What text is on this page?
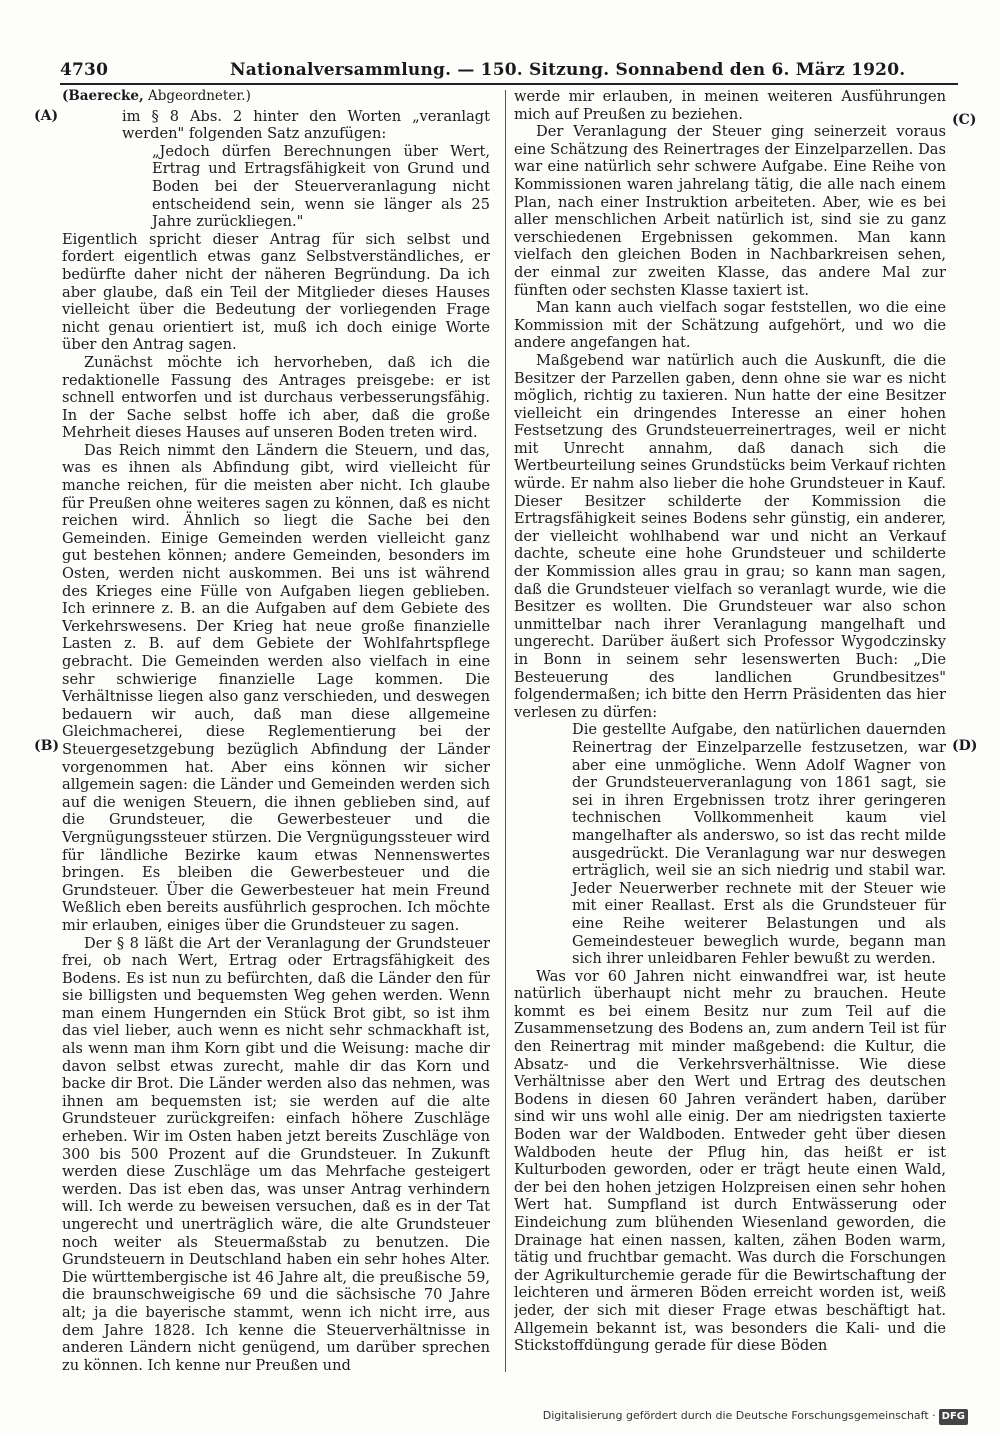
4730	Nationalversammlung. — 150. Sitzung. Sonnabend den 6. März 1920.
(A)
(B)
(C)
(D)

(Baerecke, Abgeordneter.)

im § 8 Abs. 2 hinter den Worten „veranlagt werden" folgenden Satz anzufügen:

„Jedoch dürfen Berechnungen über Wert, Ertrag und Ertragsfähigkeit von Grund und Boden bei der Steuerveranlagung nicht entscheidend sein, wenn sie länger als 25 Jahre zurückliegen."

Eigentlich spricht dieser Antrag für sich selbst und fordert eigentlich etwas ganz Selbstverständliches, er bedürfte daher nicht der näheren Begründung. Da ich aber glaube, daß ein Teil der Mitglieder dieses Hauses vielleicht über die Bedeutung der vorliegenden Frage nicht genau orientiert ist, muß ich doch einige Worte über den Antrag sagen.

Zunächst möchte ich hervorheben, daß ich die redaktionelle Fassung des Antrages preisgebe: er ist schnell entworfen und ist durchaus verbesserungsfähig. In der Sache selbst hoffe ich aber, daß die große Mehrheit dieses Hauses auf unseren Boden treten wird.

Das Reich nimmt den Ländern die Steuern, und das, was es ihnen als Abfindung gibt, wird vielleicht für manche reichen, für die meisten aber nicht. Ich glaube für Preußen ohne weiteres sagen zu können, daß es nicht reichen wird. Ähnlich so liegt die Sache bei den Gemeinden. Einige Gemeinden werden vielleicht ganz gut bestehen können; andere Gemeinden, besonders im Osten, werden nicht auskommen. Bei uns ist während des Krieges eine Fülle von Aufgaben liegen geblieben. Ich erinnere z. B. an die Aufgaben auf dem Gebiete des Verkehrswesens. Der Krieg hat neue große finanzielle Lasten z. B. auf dem Gebiete der Wohlfahrtspflege gebracht. Die Gemeinden werden also vielfach in eine sehr schwierige finanzielle Lage kommen. Die Verhältnisse liegen also ganz verschieden, und deswegen bedauern wir auch, daß man diese allgemeine Gleichmacherei, diese Reglementierung bei der Steuergesetzgebung bezüglich Abfindung der Länder vorgenommen hat. Aber eins können wir sicher allgemein sagen: die Länder und Gemeinden werden sich auf die wenigen Steuern, die ihnen geblieben sind, auf die Grundsteuer, die Gewerbesteuer und die Vergnügungssteuer stürzen. Die Vergnügungssteuer wird für ländliche Bezirke kaum etwas Nennenswertes bringen. Es bleiben die Gewerbesteuer und die Grundsteuer. Über die Gewerbesteuer hat mein Freund Weßlich eben bereits ausführlich gesprochen. Ich möchte mir erlauben, einiges über die Grundsteuer zu sagen.

Der § 8 läßt die Art der Veranlagung der Grundsteuer frei, ob nach Wert, Ertrag oder Ertragsfähigkeit des Bodens. Es ist nun zu befürchten, daß die Länder den für sie billigsten und bequemsten Weg gehen werden. Wenn man einem Hungernden ein Stück Brot gibt, so ist ihm das viel lieber, auch wenn es nicht sehr schmackhaft ist, als wenn man ihm Korn gibt und die Weisung: mache dir davon selbst etwas zurecht, mahle dir das Korn und backe dir Brot. Die Länder werden also das nehmen, was ihnen am bequemsten ist; sie werden auf die alte Grundsteuer zurückgreifen: einfach höhere Zuschläge erheben. Wir im Osten haben jetzt bereits Zuschläge von 300 bis 500 Prozent auf die Grundsteuer. In Zukunft werden diese Zuschläge um das Mehrfache gesteigert werden. Das ist eben das, was unser Antrag verhindern will. Ich werde zu beweisen versuchen, daß es in der Tat ungerecht und unerträglich wäre, die alte Grundsteuer noch weiter als Steuermaßstab zu benutzen. Die Grundsteuern in Deutschland haben ein sehr hohes Alter. Die württembergische ist 46 Jahre alt, die preußische 59, die braunschweigische 69 und die sächsische 70 Jahre alt; ja die bayerische stammt, wenn ich nicht irre, aus dem Jahre 1828. Ich kenne die Steuerverhältnisse in anderen Ländern nicht genügend, um darüber sprechen zu können. Ich kenne nur Preußen und

werde mir erlauben, in meinen weiteren Ausführungen mich auf Preußen zu beziehen.

Der Veranlagung der Steuer ging seinerzeit voraus eine Schätzung des Reinertrages der Einzelparzellen. Das war eine natürlich sehr schwere Aufgabe. Eine Reihe von Kommissionen waren jahrelang tätig, die alle nach einem Plan, nach einer Instruktion arbeiteten. Aber, wie es bei aller menschlichen Arbeit natürlich ist, sind sie zu ganz verschiedenen Ergebnissen gekommen. Man kann vielfach den gleichen Boden in Nachbarkreisen sehen, der einmal zur zweiten Klasse, das andere Mal zur fünften oder sechsten Klasse taxiert ist.

Man kann auch vielfach sogar feststellen, wo die eine Kommission mit der Schätzung aufgehört, und wo die andere angefangen hat.

Maßgebend war natürlich auch die Auskunft, die die Besitzer der Parzellen gaben, denn ohne sie war es nicht möglich, richtig zu taxieren. Nun hatte der eine Besitzer vielleicht ein dringendes Interesse an einer hohen Festsetzung des Grundsteuerreinertrages, weil er nicht mit Unrecht annahm, daß danach sich die Wertbeurteilung seines Grundstücks beim Verkauf richten würde. Er nahm also lieber die hohe Grundsteuer in Kauf. Dieser Besitzer schilderte der Kommission die Ertragsfähigkeit seines Bodens sehr günstig, ein anderer, der vielleicht wohlhabend war und nicht an Verkauf dachte, scheute eine hohe Grundsteuer und schilderte der Kommission alles grau in grau; so kann man sagen, daß die Grundsteuer vielfach so veranlagt wurde, wie die Besitzer es wollten. Die Grundsteuer war also schon unmittelbar nach ihrer Veranlagung mangelhaft und ungerecht. Darüber äußert sich Professor Wygodczinsky in Bonn in seinem sehr lesenswerten Buch: „Die Besteuerung des landlichen Grundbesitzes" folgendermaßen; ich bitte den Herrn Präsidenten das hier verlesen zu dürfen:

Die gestellte Aufgabe, den natürlichen dauernden Reinertrag der Einzelparzelle festzusetzen, war aber eine unmögliche. Wenn Adolf Wagner von der Grundsteuerveranlagung von 1861 sagt, sie sei in ihren Ergebnissen trotz ihrer geringeren technischen Vollkommenheit kaum viel mangelhafter als anderswo, so ist das recht milde ausgedrückt. Die Veranlagung war nur deswegen erträglich, weil sie an sich niedrig und stabil war. Jeder Neuerwerber rechnete mit der Steuer wie mit einer Reallast. Erst als die Grundsteuer für eine Reihe weiterer Belastungen und als Gemeindesteuer beweglich wurde, begann man sich ihrer unleidbaren Fehler bewußt zu werden.

Was vor 60 Jahren nicht einwandfrei war, ist heute natürlich überhaupt nicht mehr zu brauchen. Heute kommt es bei einem Besitz nur zum Teil auf die Zusammensetzung des Bodens an, zum andern Teil ist für den Reinertrag mit minder maßgebend: die Kultur, die Absatz- und die Verkehrsverhältnisse. Wie diese Verhältnisse aber den Wert und Ertrag des deutschen Bodens in diesen 60 Jahren verändert haben, darüber sind wir uns wohl alle einig. Der am niedrigsten taxierte Boden war der Waldboden. Entweder geht über diesen Waldboden heute der Pflug hin, das heißt er ist Kulturboden geworden, oder er trägt heute einen Wald, der bei den hohen jetzigen Holzpreisen einen sehr hohen Wert hat. Sumpfland ist durch Entwässerung oder Eindeichung zum blühenden Wiesenland geworden, die Drainage hat einen nassen, kalten, zähen Boden warm, tätig und fruchtbar gemacht. Was durch die Forschungen der Agrikulturchemie gerade für die Bewirtschaftung der leichteren und ärmeren Böden erreicht worden ist, weiß jeder, der sich mit dieser Frage etwas beschäftigt hat. Allgemein bekannt ist, was besonders die Kali- und die Stickstoffdüngung gerade für diese Böden

Digitalisierung gefördert durch die Deutsche Forschungsgemeinschaft · DFG
